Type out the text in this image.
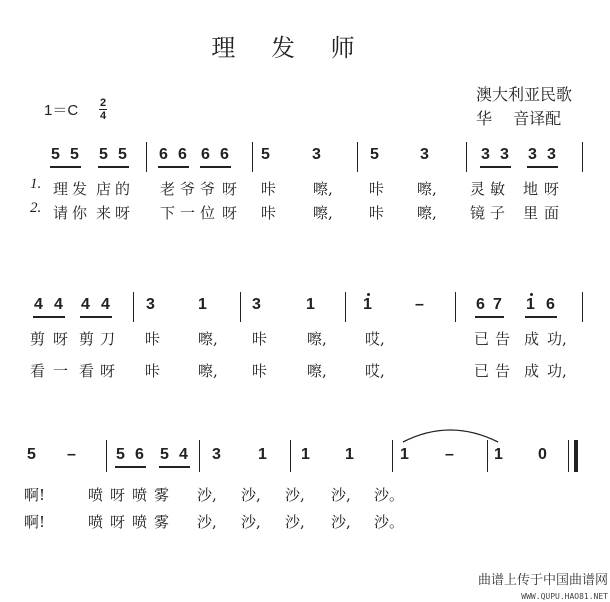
理 发 师
澳大利亚民歌
华　 音译配
1＝C 2
4
5 5 5 5 6 6 6 6 5	3	5	3	3 3 3 3
理 发 店 的 老 爷 爷 呀 咔 嚓, 咔 嚓, 灵 敏 地 呀
请 你 来 呀 下 一 位 呀 咔 嚓, 咔 嚓, 镜 子 里 面
4 4 4 4 3	1	3	1	1	–	6 7 1 6
剪 呀 剪 刀 咔	嚓, 咔	嚓,	哎,	已 告 成 功,
看 一 看 呀 咔	嚓, 咔	嚓,	哎,	已 告 成 功,
5 –	5 6 5 4 3 1 1 1	1 –	1 0
啊!	喷 呀 喷 雾 沙, 沙, 沙, 沙, 沙。
啊!	喷 呀 喷 雾 沙, 沙, 沙, 沙, 沙。
1.
2.
曲谱上传于中国曲谱网
WWW.QUPU.HAO81.NET
